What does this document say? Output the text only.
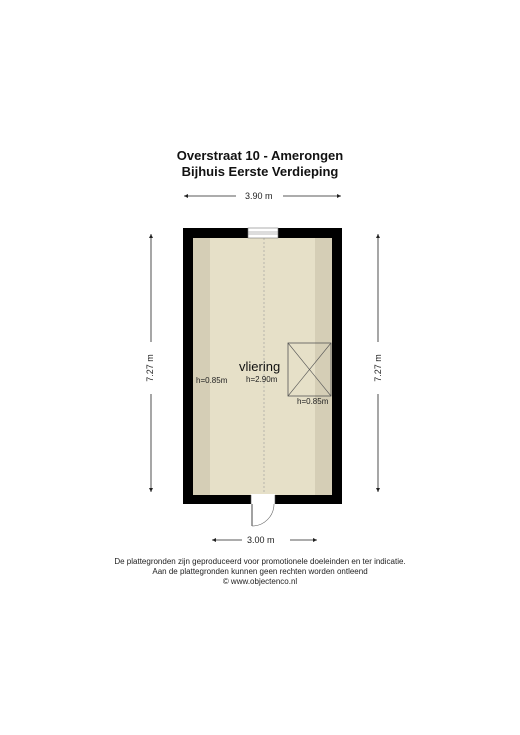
Overstraat 10 - Amerongen
Bijhuis Eerste Verdieping
3.90 m
3.00 m
7.27 m	7.27 m
vliering
h=2.90m
h=0.85m
h=0.85m
De plattegronden zijn geproduceerd voor promotionele doeleinden en ter indicatie.
Aan de plattegronden kunnen geen rechten worden ontleend
© www.objectenco.nl
